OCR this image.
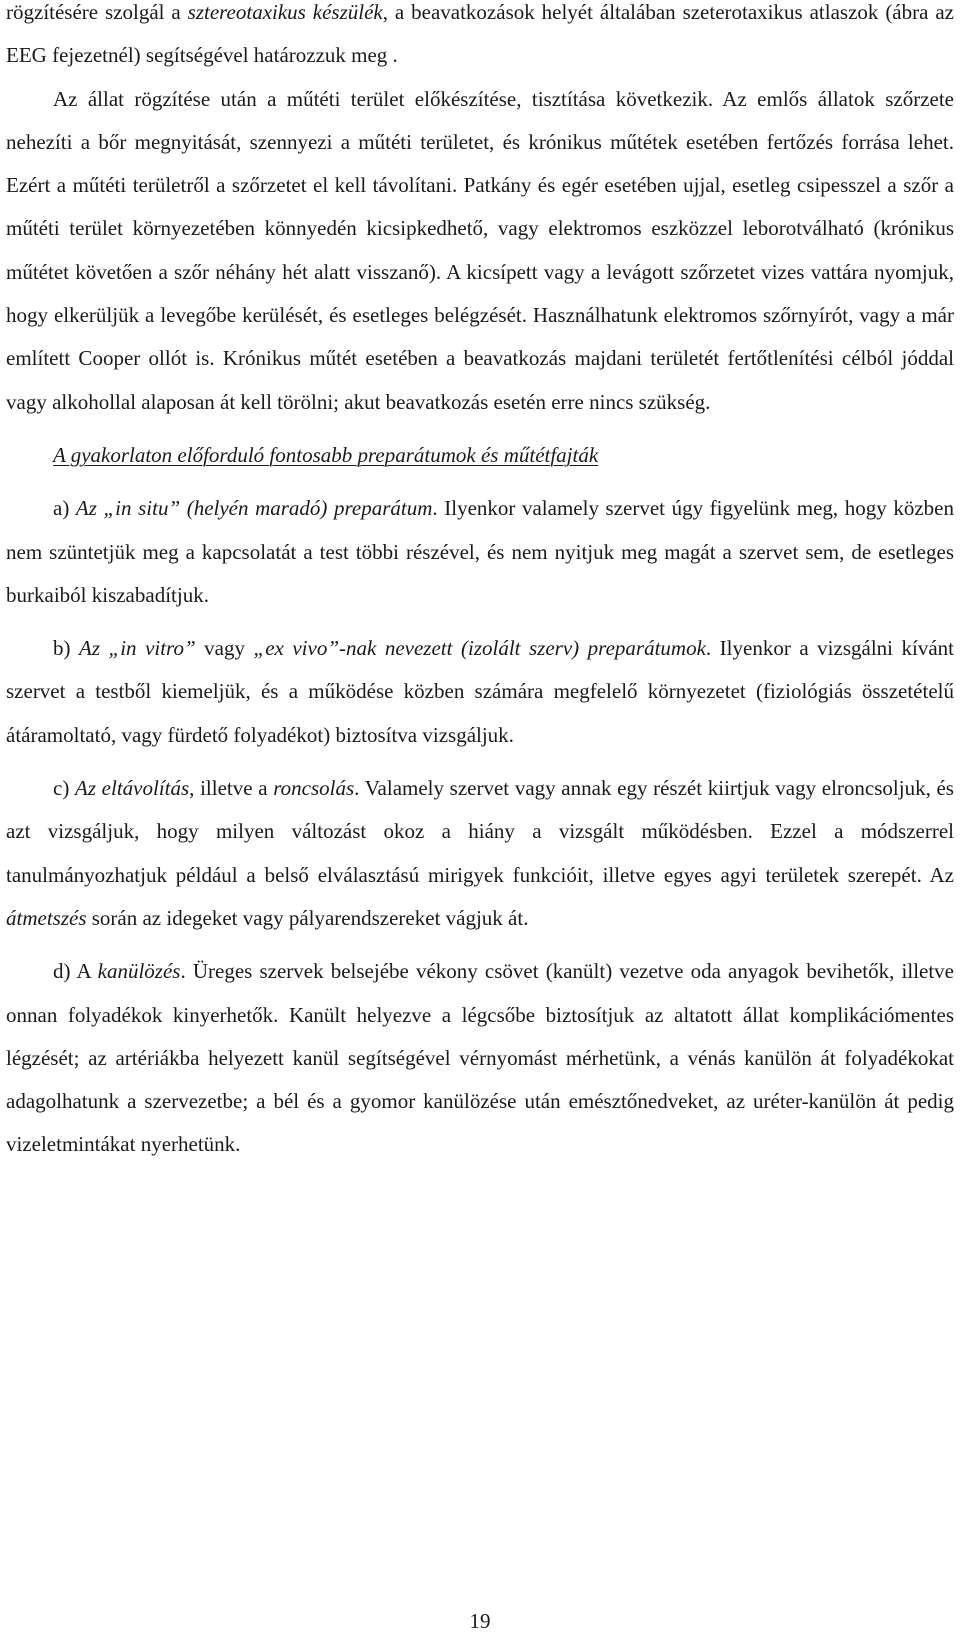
rögzítésére szolgál a sztereotaxikus készülék, a beavatkozások helyét általában szeterotaxikus atlaszok (ábra az EEG fejezetnél) segítségével határozzuk meg .

Az állat rögzítése után a műtéti terület előkészítése, tisztítása következik. Az emlős állatok szőrzete nehezíti a bőr megnyitását, szennyezi a műtéti területet, és krónikus műtétek esetében fertőzés forrása lehet. Ezért a műtéti területről a szőrzetet el kell távolítani. Patkány és egér esetében ujjal, esetleg csipesszel a szőr a műtéti terület környezetében könnyedén kicsipkedhető, vagy elektromos eszközzel leborotválható (krónikus műtétet követően a szőr néhány hét alatt visszanő). A kicsípett vagy a levágott szőrzetet vizes vattára nyomjuk, hogy elkerüljük a levegőbe kerülését, és esetleges belégzését. Használhatunk elektromos szőrnyírót, vagy a már említett Cooper ollót is. Krónikus műtét esetében a beavatkozás majdani területét fertőtlenítési célból jóddal vagy alkohollal alaposan át kell törölni; akut beavatkozás esetén erre nincs szükség.

A gyakorlaton előforduló fontosabb preparátumok és műtétfajták

a) Az „in situ” (helyén maradó) preparátum. Ilyenkor valamely szervet úgy figyelünk meg, hogy közben nem szüntetjük meg a kapcsolatát a test többi részével, és nem nyitjuk meg magát a szervet sem, de esetleges burkaiból kiszabadítjuk.

b) Az „in vitro” vagy „ex vivo”-nak nevezett (izolált szerv) preparátumok. Ilyenkor a vizsgálni kívánt szervet a testből kiemeljük, és a működése közben számára megfelelő környezetet (fiziológiás összetételű átáramoltató, vagy fürdető folyadékot) biztosítva vizsgáljuk.

c) Az eltávolítás, illetve a roncsolás. Valamely szervet vagy annak egy részét kiirtjuk vagy elroncsoljuk, és azt vizsgáljuk, hogy milyen változást okoz a hiány a vizsgált működésben. Ezzel a módszerrel tanulmányozhatjuk például a belső elválasztású mirigyek funkcióit, illetve egyes agyi területek szerepét. Az átmetszés során az idegeket vagy pályarendszereket vágjuk át.

d) A kanülözés. Üreges szervek belsejébe vékony csövet (kanült) vezetve oda anyagok bevihetők, illetve onnan folyadékok kinyerhetők. Kanült helyezve a légcsőbe biztosítjuk az altatott állat komplikációmentes légzését; az artériákba helyezett kanül segítségével vérnyomást mérhetünk, a vénás kanülön át folyadékokat adagolhatunk a szervezetbe; a bél és a gyomor kanülözése után emésztőnedveket, az uréter-kanülön át pedig vizeletmintákat nyerhetünk.

19
